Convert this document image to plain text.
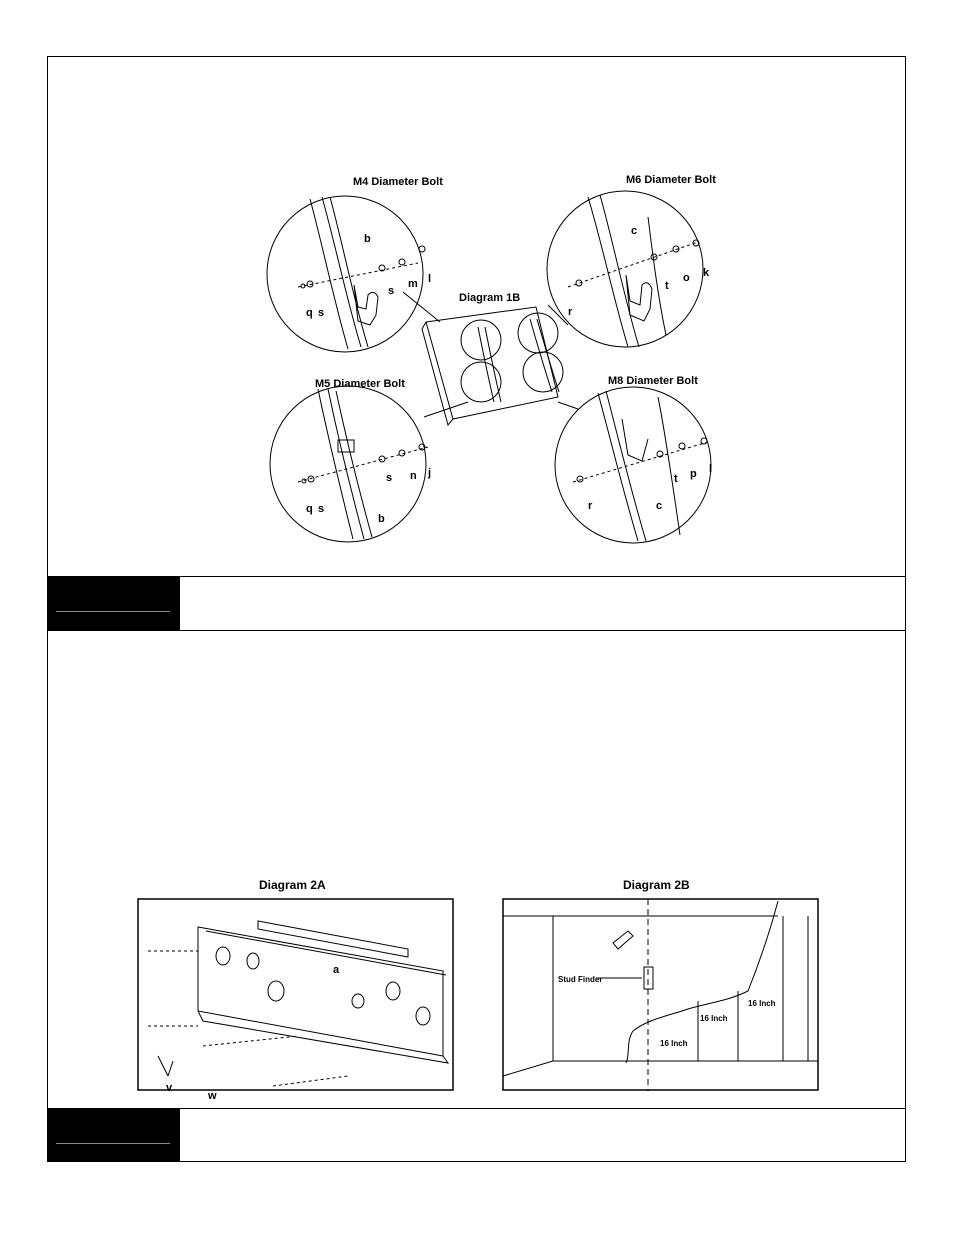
M4 Diameter Bolt	M6 Diameter Bolt
Diagram 1B
M5 Diameter Bolt	M8 Diameter Bolt
b
q s
s
m l
c
r
t
o k
q s
s n j
b
r
t p l
c
Diagram 2A	Diagram 2B
a
v
w
Stud Finder
16 Inch
16 Inch
16 Inch
